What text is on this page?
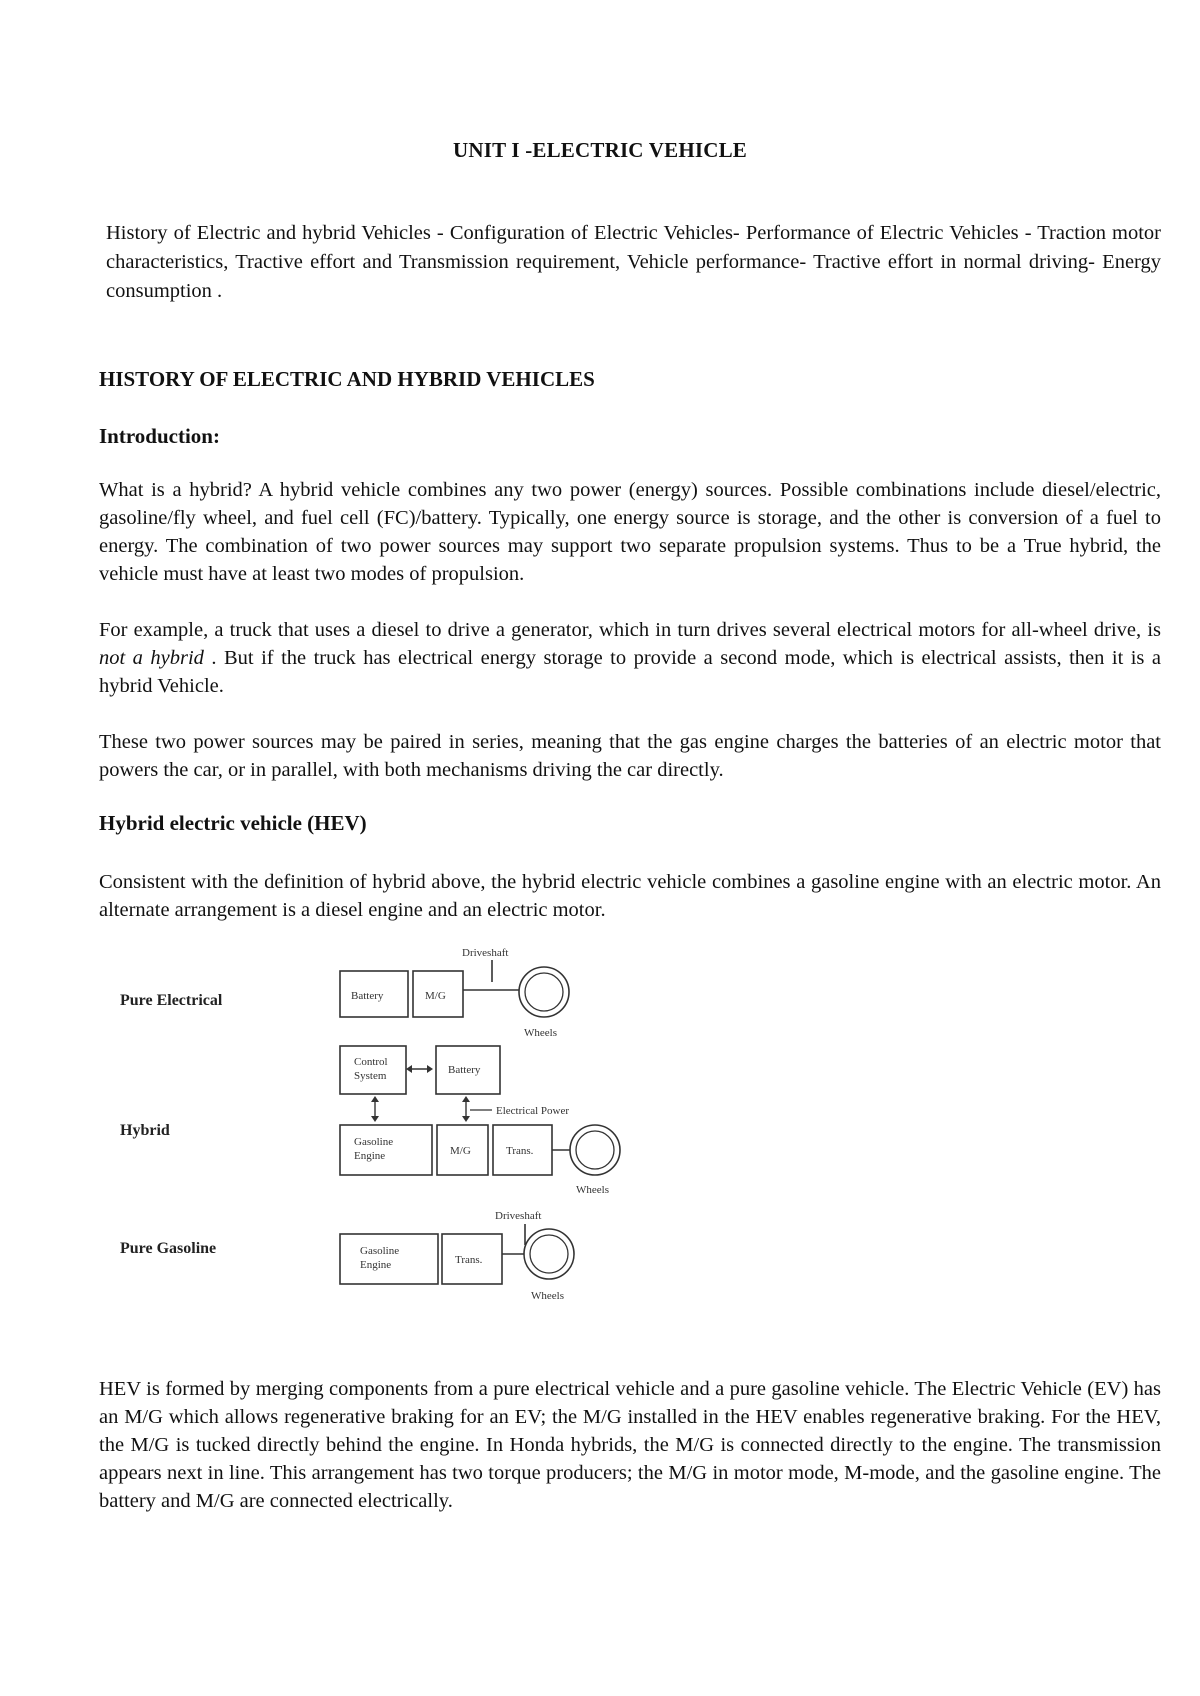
UNIT I -ELECTRIC VEHICLE

History of Electric and hybrid Vehicles - Configuration of Electric Vehicles- Performance of Electric Vehicles - Traction motor characteristics, Tractive effort and Transmission requirement, Vehicle performance- Tractive effort in normal driving- Energy consumption .

HISTORY OF ELECTRIC AND HYBRID VEHICLES
Introduction:

What is a hybrid? A hybrid vehicle combines any two power (energy) sources. Possible combinations include diesel/electric, gasoline/fly wheel, and fuel cell (FC)/battery. Typically, one energy source is storage, and the other is conversion of a fuel to energy. The combination of two power sources may support two separate propulsion systems. Thus to be a True hybrid, the vehicle must have at least two modes of propulsion.

For example, a truck that uses a diesel to drive a generator, which in turn drives several electrical motors for all-wheel drive, is not a hybrid . But if the truck has electrical energy storage to provide a second mode, which is electrical assists, then it is a hybrid Vehicle.

These two power sources may be paired in series, meaning that the gas engine charges the batteries of an electric motor that powers the car, or in parallel, with both mechanisms driving the car directly.

Hybrid electric vehicle (HEV)

Consistent with the definition of hybrid above, the hybrid electric vehicle combines a gasoline engine with an electric motor. An alternate arrangement is a diesel engine and an electric motor.

Pure Electrical
Driveshaft
Battery	M/G
Wheels
Hybrid
Control
System	Battery
Electrical Power
Gasoline
Engine	M/G	Trans.
Wheels
Pure Gasoline
Driveshaft
Gasoline
Engine	Trans.
Wheels

HEV is formed by merging components from a pure electrical vehicle and a pure gasoline vehicle. The Electric Vehicle (EV) has an M/G which allows regenerative braking for an EV; the M/G installed in the HEV enables regenerative braking. For the HEV, the M/G is tucked directly behind the engine. In Honda hybrids, the M/G is connected directly to the engine. The transmission appears next in line. This arrangement has two torque producers; the M/G in motor mode, M-mode, and the gasoline engine. The battery and M/G are connected electrically.
